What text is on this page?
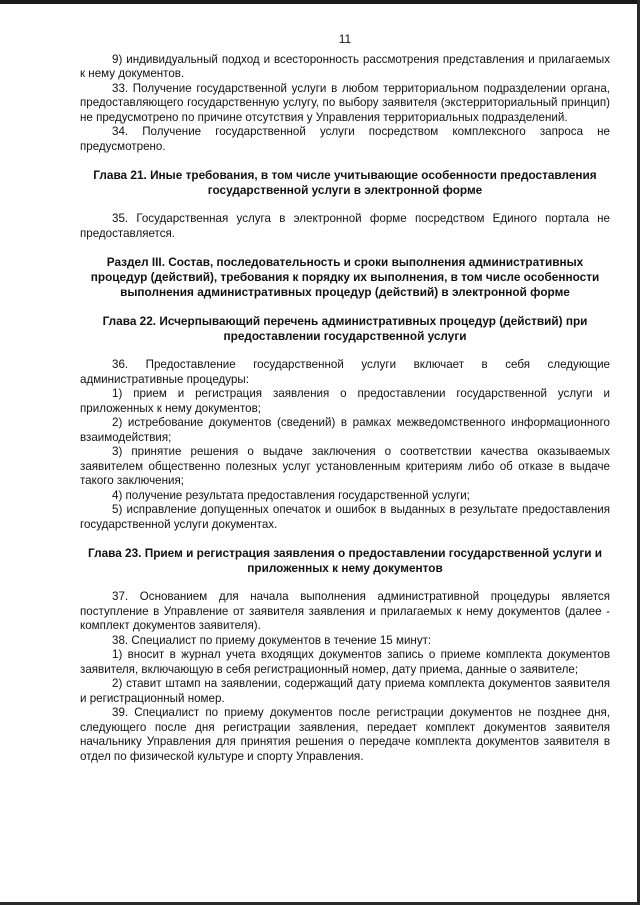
11

9) индивидуальный подход и всесторонность рассмотрения представления и прилагаемых к нему документов.

33. Получение государственной услуги в любом территориальном подразделении органа, предоставляющего государственную услугу, по выбору заявителя (экстерриториальный принцип) не предусмотрено по причине отсутствия у Управления территориальных подразделений.

34. Получение государственной услуги посредством комплексного запроса не предусмотрено.

Глава 21. Иные требования, в том числе учитывающие особенности предоставления государственной услуги в электронной форме

35. Государственная услуга в электронной форме посредством Единого портала не предоставляется.

Раздел III. Состав, последовательность и сроки выполнения административных процедур (действий), требования к порядку их выполнения, в том числе особенности выполнения административных процедур (действий) в электронной форме
Глава 22. Исчерпывающий перечень административных процедур (действий) при предоставлении государственной услуги

36. Предоставление государственной услуги включает в себя следующие административные процедуры:

1) прием и регистрация заявления о предоставлении государственной услуги и приложенных к нему документов;

2) истребование документов (сведений) в рамках межведомственного информационного взаимодействия;

3) принятие решения о выдаче заключения о соответствии качества оказываемых заявителем общественно полезных услуг установленным критериям либо об отказе в выдаче такого заключения;

4) получение результата предоставления государственной услуги;

5) исправление допущенных опечаток и ошибок в выданных в результате предоставления государственной услуги документах.

Глава 23. Прием и регистрация заявления о предоставлении государственной услуги и приложенных к нему документов

37. Основанием для начала выполнения административной процедуры является поступление в Управление от заявителя заявления и прилагаемых к нему документов (далее - комплект документов заявителя).

38. Специалист по приему документов в течение 15 минут:

1) вносит в журнал учета входящих документов запись о приеме комплекта документов заявителя, включающую в себя регистрационный номер, дату приема, данные о заявителе;

2) ставит штамп на заявлении, содержащий дату приема комплекта документов заявителя и регистрационный номер.

39. Специалист по приему документов после регистрации документов не позднее дня, следующего после дня регистрации заявления, передает комплект документов заявителя начальнику Управления для принятия решения о передаче комплекта документов заявителя в отдел по физической культуре и спорту Управления.
